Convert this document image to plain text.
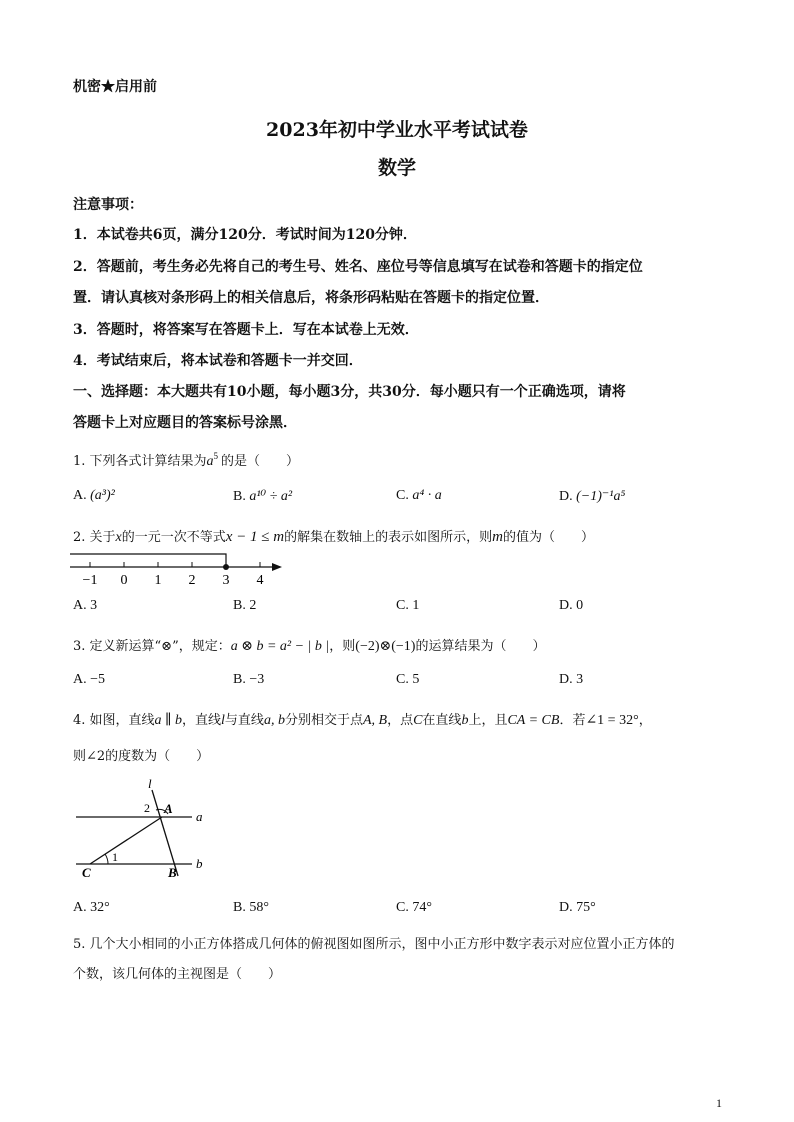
机密★启用前
2023年初中学业水平考试试卷
数学
注意事项：
1．本试卷共6页，满分120分．考试时间为120分钟．
2．答题前，考生务必先将自己的考生号、姓名、座位号等信息填写在试卷和答题卡的指定位
置．请认真核对条形码上的相关信息后，将条形码粘贴在答题卡的指定位置．
3．答题时，将答案写在答题卡上．写在本试卷上无效．
4．考试结束后，将本试卷和答题卡一并交回．
一、选择题：本大题共有10小题，每小题3分，共30分．每小题只有一个正确选项，请将
答题卡上对应题目的答案标号涂黑．
1. 下列各式计算结果为$a^5$ 的是（　　）
A. (a³)²	B. a¹⁰ ÷ a²	C. a⁴ · a	D. (−1)⁻¹a⁵
2. 关于x的一元一次不等式x − 1 ≤ m的解集在数轴上的表示如图所示，则m的值为（　　）
−1 0 1 2 3 4
A. 3	B. 2	C. 1	D. 0
3. 定义新运算“⊗”，规定：a ⊗ b = a² − | b |，则(−2)⊗(−1)的运算结果为（　　）
A. −5	B. −3	C. 5	D. 3
4. 如图，直线a ∥ b，直线l与直线a, b分别相交于点A, B，点C在直线b上，且CA = CB．若∠1 = 32°，
则∠2的度数为（　　）
l
2 A
a
1
C	B
b
A. 32°	B. 58°	C. 74°	D. 75°
5. 几个大小相同的小正方体搭成几何体的俯视图如图所示，图中小正方形中数字表示对应位置小正方体的
个数，该几何体的主视图是（　　）
1
